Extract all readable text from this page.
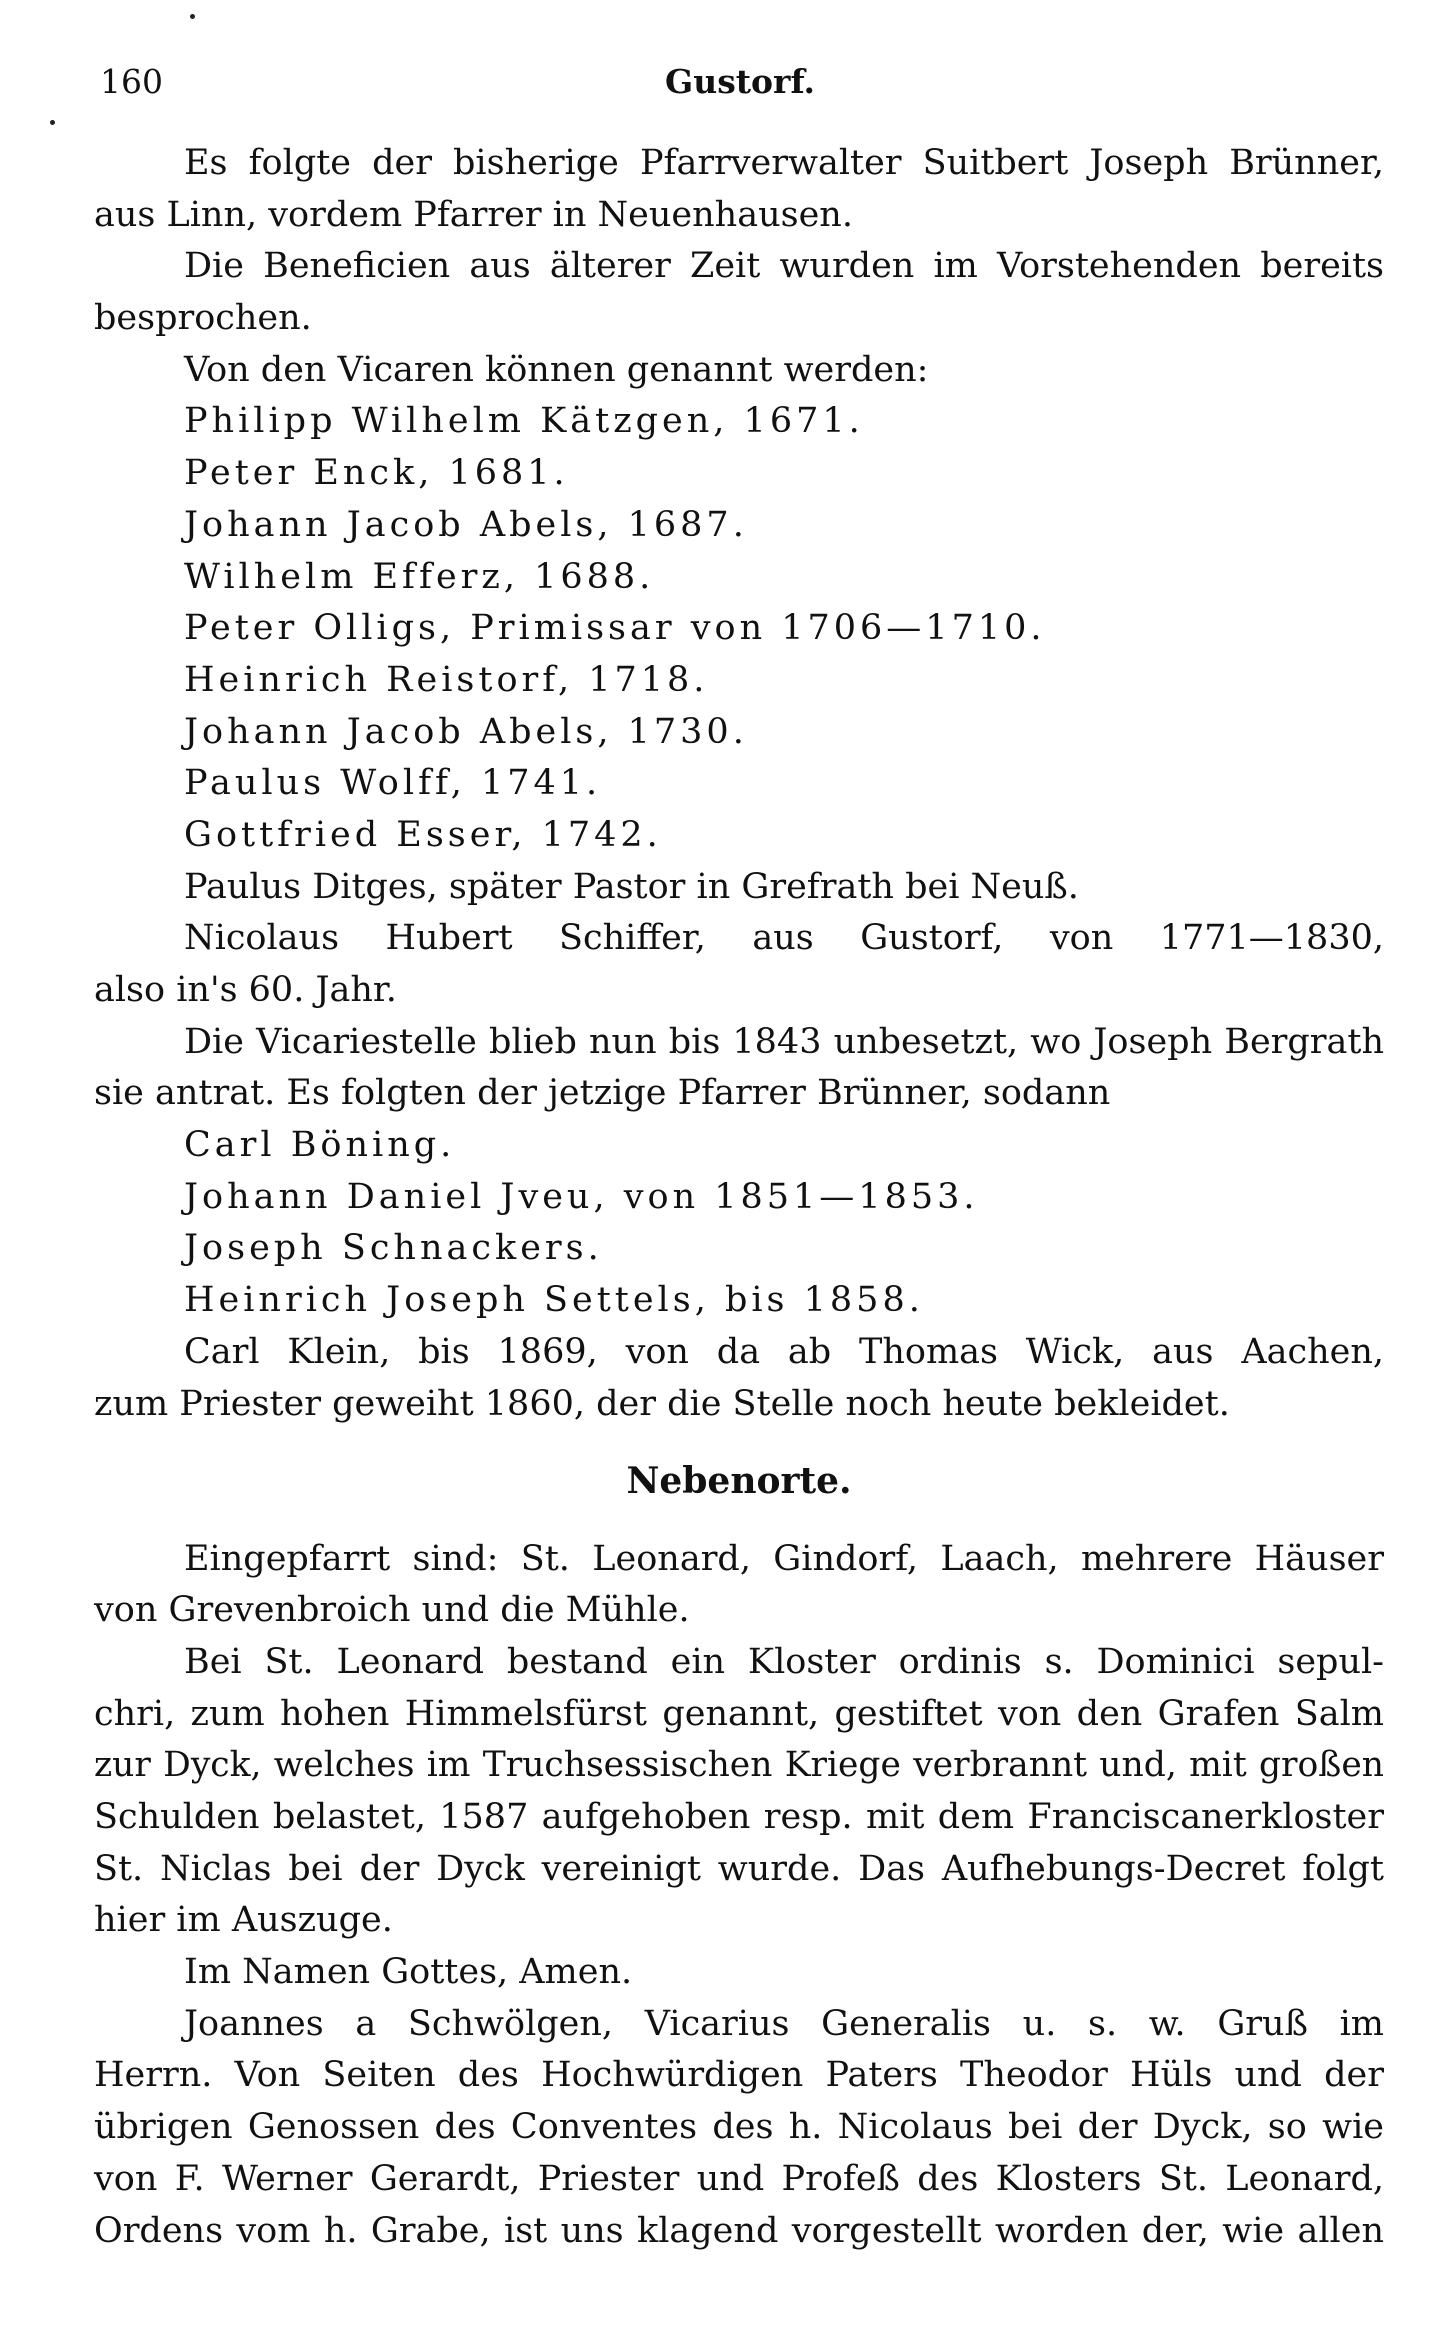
160	Gustorf.
Es folgte der bisherige Pfarrverwalter Suitbert Joseph Brünner,
aus Linn, vordem Pfarrer in Neuenhausen.
Die Beneficien aus älterer Zeit wurden im Vorstehenden bereits
besprochen.
Von den Vicaren können genannt werden:
Philipp Wilhelm Kätzgen, 1671.
Peter Enck, 1681.
Johann Jacob Abels, 1687.
Wilhelm Efferz, 1688.
Peter Olligs, Primissar von 1706—1710.
Heinrich Reistorf, 1718.
Johann Jacob Abels, 1730.
Paulus Wolff, 1741.
Gottfried Esser, 1742.
Paulus Ditges, später Pastor in Grefrath bei Neuß.
Nicolaus Hubert Schiffer, aus Gustorf, von 1771—1830,
also in's 60. Jahr.
Die Vicariestelle blieb nun bis 1843 unbesetzt, wo Joseph Bergrath
sie antrat. Es folgten der jetzige Pfarrer Brünner, sodann
Carl Böning.
Johann Daniel Jveu, von 1851—1853.
Joseph Schnackers.
Heinrich Joseph Settels, bis 1858.
Carl Klein, bis 1869, von da ab Thomas Wick, aus Aachen,
zum Priester geweiht 1860, der die Stelle noch heute bekleidet.
Nebenorte.
Eingepfarrt sind: St. Leonard, Gindorf, Laach, mehrere Häuser
von Grevenbroich und die Mühle.
Bei St. Leonard bestand ein Kloster ordinis s. Dominici sepul-
chri, zum hohen Himmelsfürst genannt, gestiftet von den Grafen Salm
zur Dyck, welches im Truchsessischen Kriege verbrannt und, mit großen
Schulden belastet, 1587 aufgehoben resp. mit dem Franciscanerkloster
St. Niclas bei der Dyck vereinigt wurde. Das Aufhebungs-Decret folgt
hier im Auszuge.
Im Namen Gottes, Amen.
Joannes a Schwölgen, Vicarius Generalis u. s. w. Gruß im
Herrn. Von Seiten des Hochwürdigen Paters Theodor Hüls und der
übrigen Genossen des Conventes des h. Nicolaus bei der Dyck, so wie
von F. Werner Gerardt, Priester und Profeß des Klosters St. Leonard,
Ordens vom h. Grabe, ist uns klagend vorgestellt worden der, wie allen
